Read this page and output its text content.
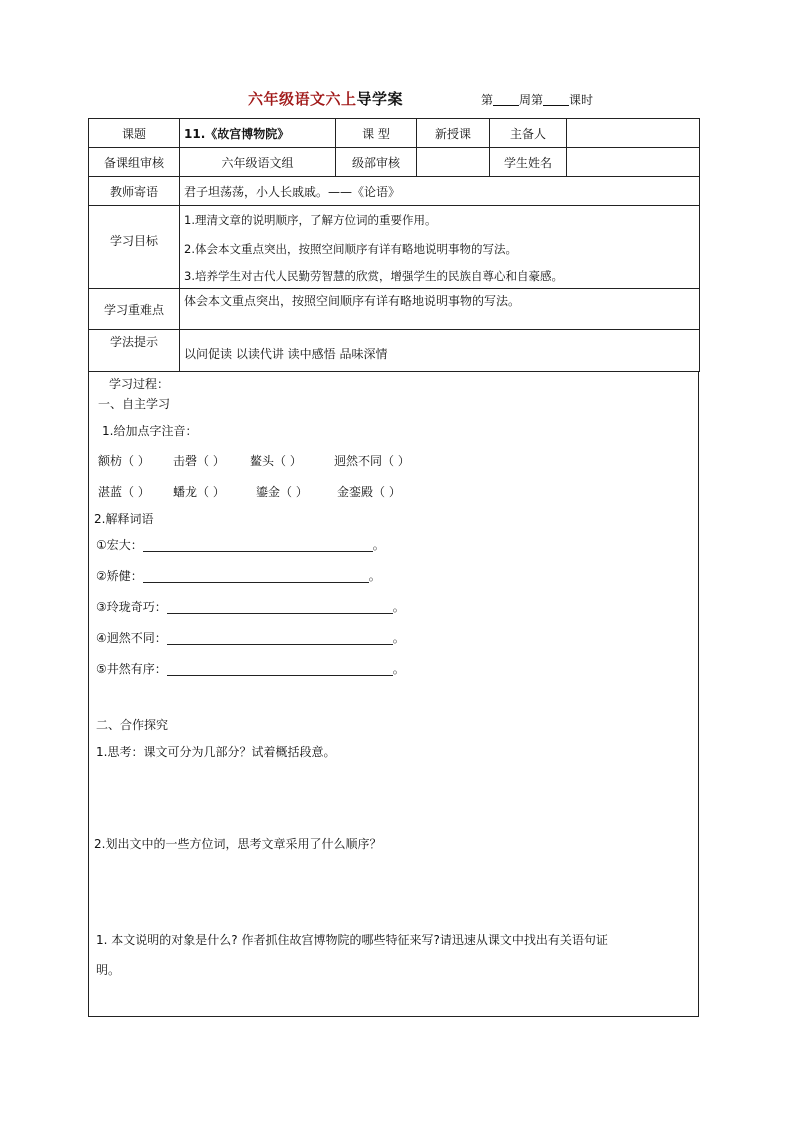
六年级语文六上导学案	第 周第 课时
课题	11.《故宫博物院》	课 型	新授课	主备人	
备课组审核	六年级语文组	级部审核		学生姓名	
教师寄语	君子坦荡荡，小人长戚戚。——《论语》				
学习目标	1.理清文章的说明顺序，了解方位词的重要作用。

2.体会本文重点突出，按照空间顺序有详有略地说明事物的写法。

3.培养学生对古代人民勤劳智慧的欣赏，增强学生的民族自尊心和自豪感。				

学习重难点	体会本文重点突出，按照空间顺序有详有略地说明事物的写法。				
学法提示	以问促读 以读代讲 读中感悟 品味深情				
学习过程：
一、自主学习
1.给加点字注音：
额枋（ ） 击磬（ ） 鳌头（ ）	迥然不同（ ）
湛蓝（ ） 蟠龙（ ）	鎏金（ ） 金銮殿（ ）
2.解释词语
①宏大：	。
②矫健：	。
③玲珑奇巧：	。
④迥然不同：	。
⑤井然有序：	。
二、合作探究
1.思考：课文可分为几部分？试着概括段意。
2.划出文中的一些方位词，思考文章采用了什么顺序？
1. 本文说明的对象是什么? 作者抓住故宫博物院的哪些特征来写?请迅速从课文中找出有关语句证
明。
